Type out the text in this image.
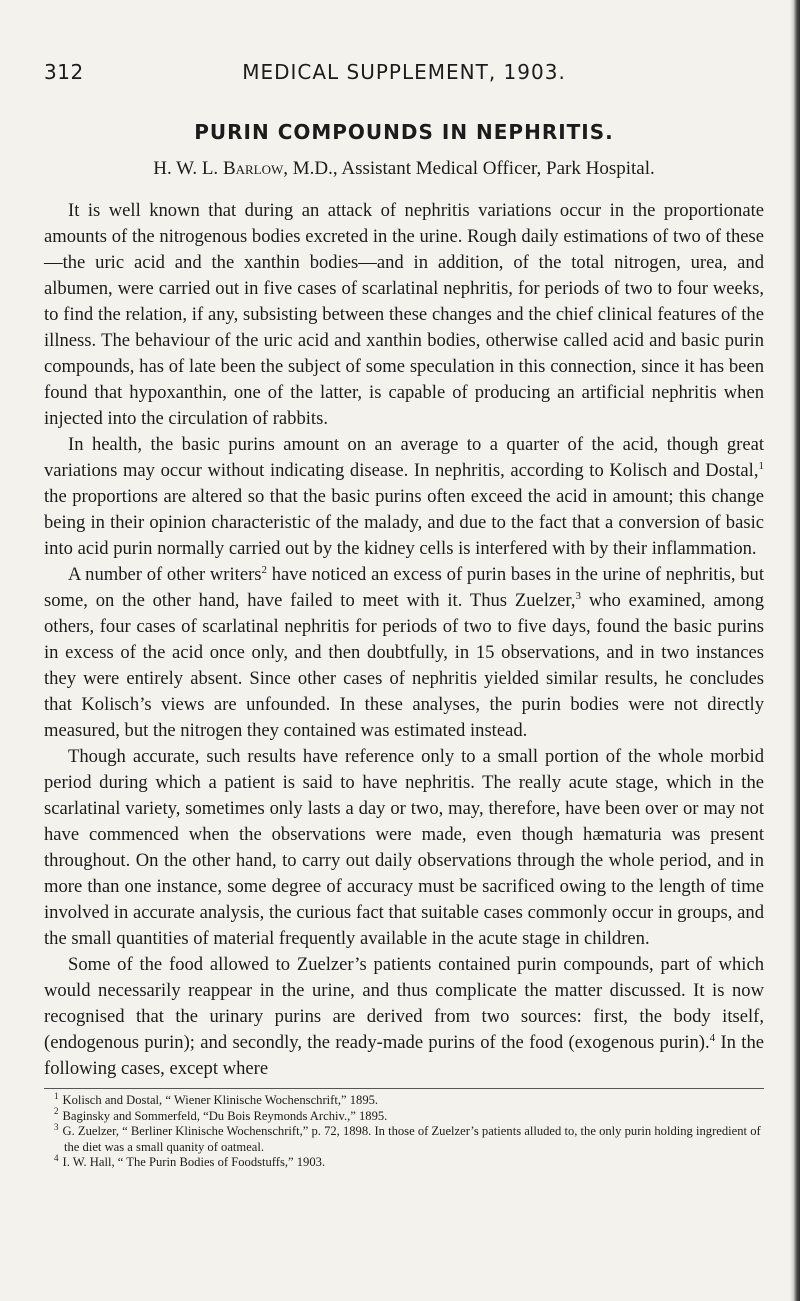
312	MEDICAL SUPPLEMENT, 1903.
PURIN COMPOUNDS IN NEPHRITIS.
H. W. L. Barlow, M.D., Assistant Medical Officer, Park Hospital.

It is well known that during an attack of nephritis variations occur in the proportionate amounts of the nitrogenous bodies excreted in the urine. Rough daily estimations of two of these—the uric acid and the xanthin bodies—and in addition, of the total nitrogen, urea, and albumen, were carried out in five cases of scarlatinal nephritis, for periods of two to four weeks, to find the relation, if any, subsisting between these changes and the chief clinical features of the illness. The behaviour of the uric acid and xanthin bodies, otherwise called acid and basic purin compounds, has of late been the subject of some speculation in this connection, since it has been found that hypoxanthin, one of the latter, is capable of producing an artificial nephritis when injected into the circulation of rabbits.

In health, the basic purins amount on an average to a quarter of the acid, though great variations may occur without indicating disease. In nephritis, according to Kolisch and Dostal,$^1$ the proportions are altered so that the basic purins often exceed the acid in amount; this change being in their opinion characteristic of the malady, and due to the fact that a conversion of basic into acid purin normally carried out by the kidney cells is interfered with by their inflammation.

A number of other writers$^2$ have noticed an excess of purin bases in the urine of nephritis, but some, on the other hand, have failed to meet with it. Thus Zuelzer,$^3$ who examined, among others, four cases of scarlatinal nephritis for periods of two to five days, found the basic purins in excess of the acid once only, and then doubtfully, in 15 observations, and in two instances they were entirely absent. Since other cases of nephritis yielded similar results, he concludes that Kolisch’s views are unfounded. In these analyses, the purin bodies were not directly measured, but the nitrogen they contained was estimated instead.

Though accurate, such results have reference only to a small portion of the whole morbid period during which a patient is said to have nephritis. The really acute stage, which in the scarlatinal variety, sometimes only lasts a day or two, may, therefore, have been over or may not have commenced when the observations were made, even though hæmaturia was present throughout. On the other hand, to carry out daily observations through the whole period, and in more than one instance, some degree of accuracy must be sacrificed owing to the length of time involved in accurate analysis, the curious fact that suitable cases commonly occur in groups, and the small quantities of material frequently available in the acute stage in children.

Some of the food allowed to Zuelzer’s patients contained purin compounds, part of which would necessarily reappear in the urine, and thus complicate the matter discussed. It is now recognised that the urinary purins are derived from two sources: first, the body itself, (endogenous purin); and secondly, the ready-made purins of the food (exogenous purin).$^4$ In the following cases, except where

$^1$ Kolisch and Dostal, “ Wiener Klinische Wochenschrift,” 1895.
$^2$ Baginsky and Sommerfeld, “Du Bois Reymonds Archiv.,” 1895.
$^3$ G. Zuelzer, “ Berliner Klinische Wochenschrift,” p. 72, 1898. In those of Zuelzer’s patients alluded to, the only purin holding ingredient of the diet was a small quanity of oatmeal.
$^4$ I. W. Hall, “ The Purin Bodies of Foodstuffs,” 1903.
